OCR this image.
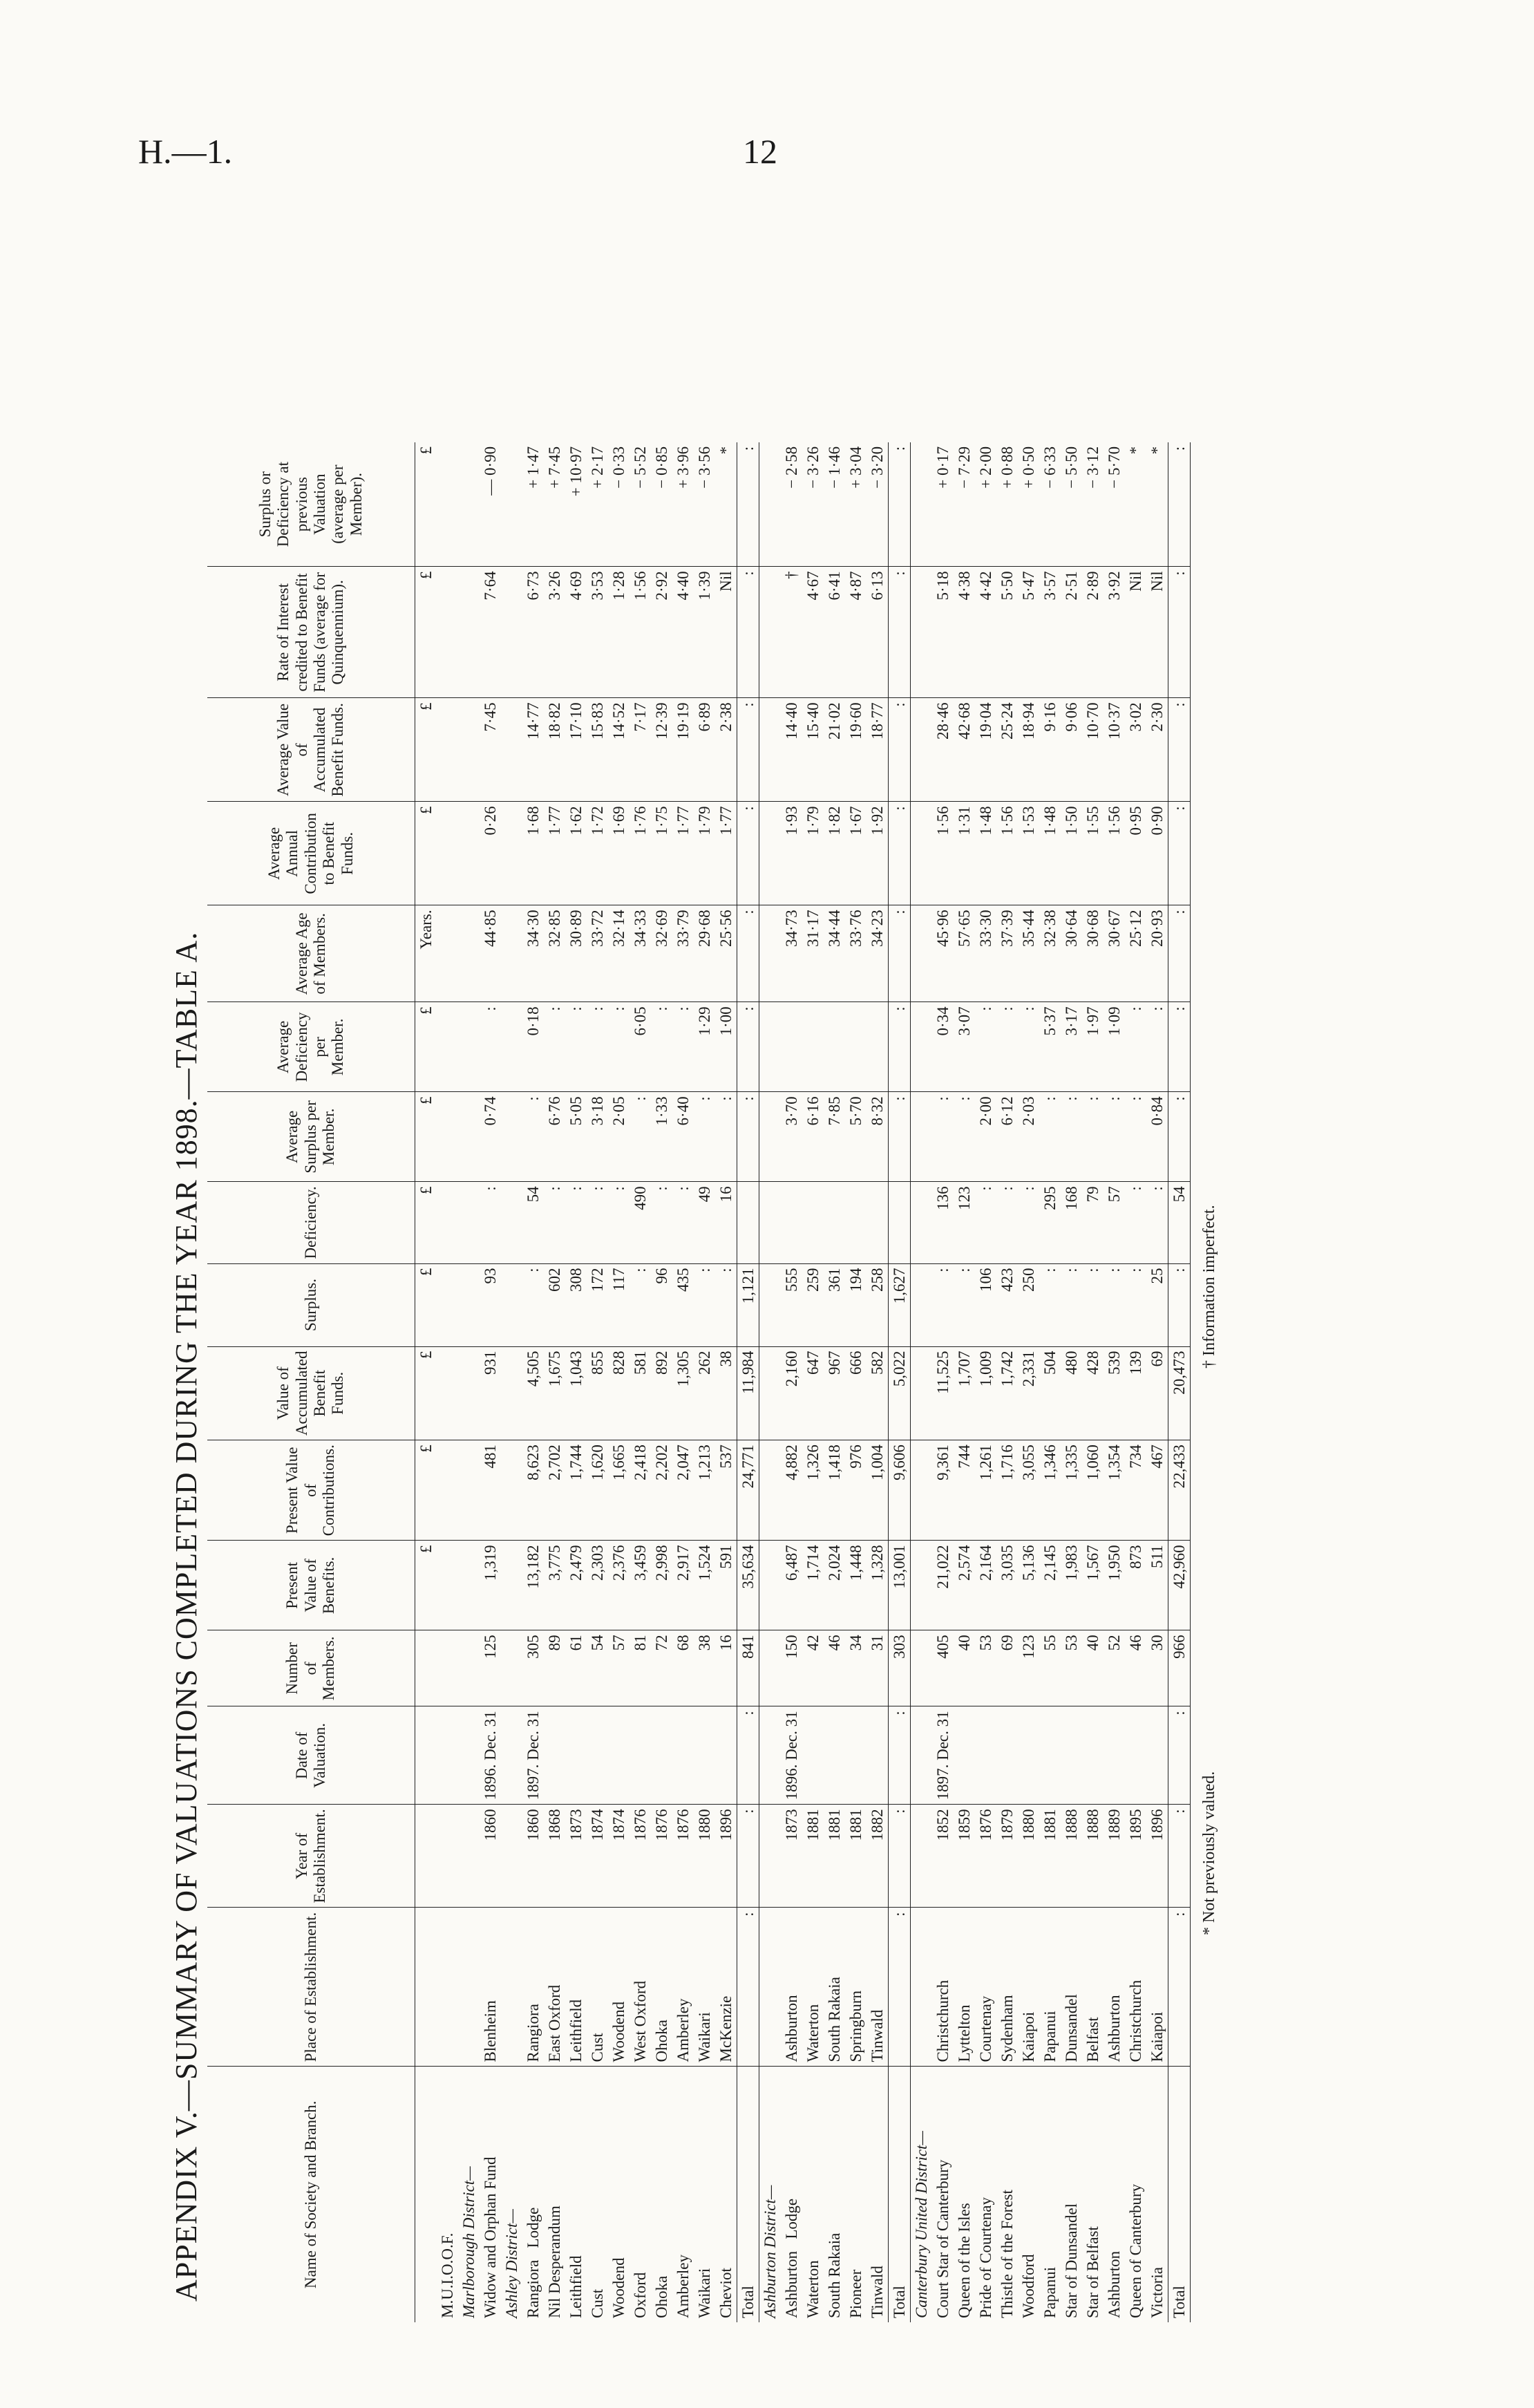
H.—1.	12
APPENDIX V.—SUMMARY OF VALUATIONS COMPLETED DURING THE YEAR 1898.—TABLE A.	Name of Society and Branch.	Place of Establishment.	Year of Establishment.	Date of Valuation.	Number of Members.	Present Value of Benefits.	Present Value of Contributions.	Value of Accumulated Benefit Funds.	Surplus.	Deficiency.	Average Surplus per Member.	Average Deficiency per Member.	Average Age of Members.	Average Annual Contribution to Benefit Funds.	Average Value of Accumulated Benefit Funds.	Rate of Interest credited to Benefit Funds (average for Quinquennium).	Surplus or Deficiency at previous Valuation (average per Member).
					£	£	£	£	£	£	£	Years.	£	£	£	£
M.U.I.O.O.F.																
Marlborough District—																
Widow and Orphan Fund	Blenheim	1860	1896. Dec. 31	125	1,319	481	931	93	:	0·74	:	44·85	0·26	7·45	7·64	— 0·90

Ashley District—																
Rangiora   Lodge	Rangiora	1860	1897. Dec. 31	305	13,182	8,623	4,505	:	54	:	0·18	34·30	1·68	14·77	6·73	+ 1·47
Nil Desperandum	East Oxford	1868		89	3,775	2,702	1,675	602	:	6·76	:	32·85	1·77	18·82	3·26	+ 7·45
Leithfield	Leithfield	1873		61	2,479	1,744	1,043	308	:	5·05	:	30·89	1·62	17·10	4·69	+ 10·97
Cust	Cust	1874		54	2,303	1,620	855	172	:	3·18	:	33·72	1·72	15·83	3·53	+ 2·17
Woodend	Woodend	1874		57	2,376	1,665	828	117	:	2·05	:	32·14	1·69	14·52	1·28	− 0·33
Oxford	West Oxford	1876		81	3,459	2,418	581	:	490	:	6·05	34·33	1·76	7·17	1·56	− 5·52
Ohoka	Ohoka	1876		72	2,998	2,202	892	96	:	1·33	:	32·69	1·75	12·39	2·92	− 0·85
Amberley	Amberley	1876		68	2,917	2,047	1,305	435	:	6·40	:	33·79	1·77	19·19	4·40	+ 3·96
Waikari	Waikari	1880		38	1,524	1,213	262	:	49	:	1·29	29·68	1·79	6·89	1·39	− 3·56
Cheviot	McKenzie	1896		16	591	537	38	:	16	:	1·00	25·56	1·77	2·38	Nil	*

Total	:	:	:	841	35,634	24,771	11,984	1,121		:	:	:	:	:	:	:

Ashburton District—																
Ashburton   Lodge	Ashburton	1873	1896. Dec. 31	150	6,487	4,882	2,160	555		3·70		34·73	1·93	14·40	†	− 2·58
Waterton	Waterton	1881		42	1,714	1,326	647	259		6·16		31·17	1·79	15·40	4·67	− 3·26
South Rakaia	South Rakaia	1881		46	2,024	1,418	967	361		7·85		34·44	1·82	21·02	6·41	− 1·46
Pioneer	Springburn	1881		34	1,448	976	666	194		5·70		33·76	1·67	19·60	4·87	+ 3·04
Tinwald	Tinwald	1882		31	1,328	1,004	582	258		8·32		34·23	1·92	18·77	6·13	− 3·20

Total	:	:	:	303	13,001	9,606	5,022	1,627		:	:	:	:	:	:	:

Canterbury United District—																
Court Star of Canterbury	Christchurch	1852	1897. Dec. 31	405	21,022	9,361	11,525	:	136	:	0·34	45·96	1·56	28·46	5·18	+ 0·17
Queen of the Isles	Lyttelton	1859		40	2,574	744	1,707	:	123	:	3·07	57·65	1·31	42·68	4·38	− 7·29
Pride of Courtenay	Courtenay	1876		53	2,164	1,261	1,009	106	:	2·00	:	33·30	1·48	19·04	4·42	+ 2·00
Thistle of the Forest	Sydenham	1879		69	3,035	1,716	1,742	423	:	6·12	:	37·39	1·56	25·24	5·50	+ 0·88
Woodford	Kaiapoi	1880		123	5,136	3,055	2,331	250	:	2·03	:	35·44	1·53	18·94	5·47	+ 0·50
Papanui	Papanui	1881		55	2,145	1,346	504	:	295	:	5·37	32·38	1·48	9·16	3·57	− 6·33
Star of Dunsandel	Dunsandel	1888		53	1,983	1,335	480	:	168	:	3·17	30·64	1·50	9·06	2·51	− 5·50
Star of Belfast	Belfast	1888		40	1,567	1,060	428	:	79	:	1·97	30·68	1·55	10·70	2·89	− 3·12
Ashburton	Ashburton	1889		52	1,950	1,354	539	:	57	:	1·09	30·67	1·56	10·37	3·92	− 5·70
Queen of Canterbury	Christchurch	1895		46	873	734	139	:	:	:	:	25·12	0·95	3·02	Nil	*
Victoria	Kaiapoi	1896		30	511	467	69	25	:	0·84	:	20·93	0·90	2·30	Nil	*

Total	:	:	:	966	42,960	22,433	20,473	:	54	:	:	:	:	:	:	:

* Not previously valued.
† Information imperfect.
